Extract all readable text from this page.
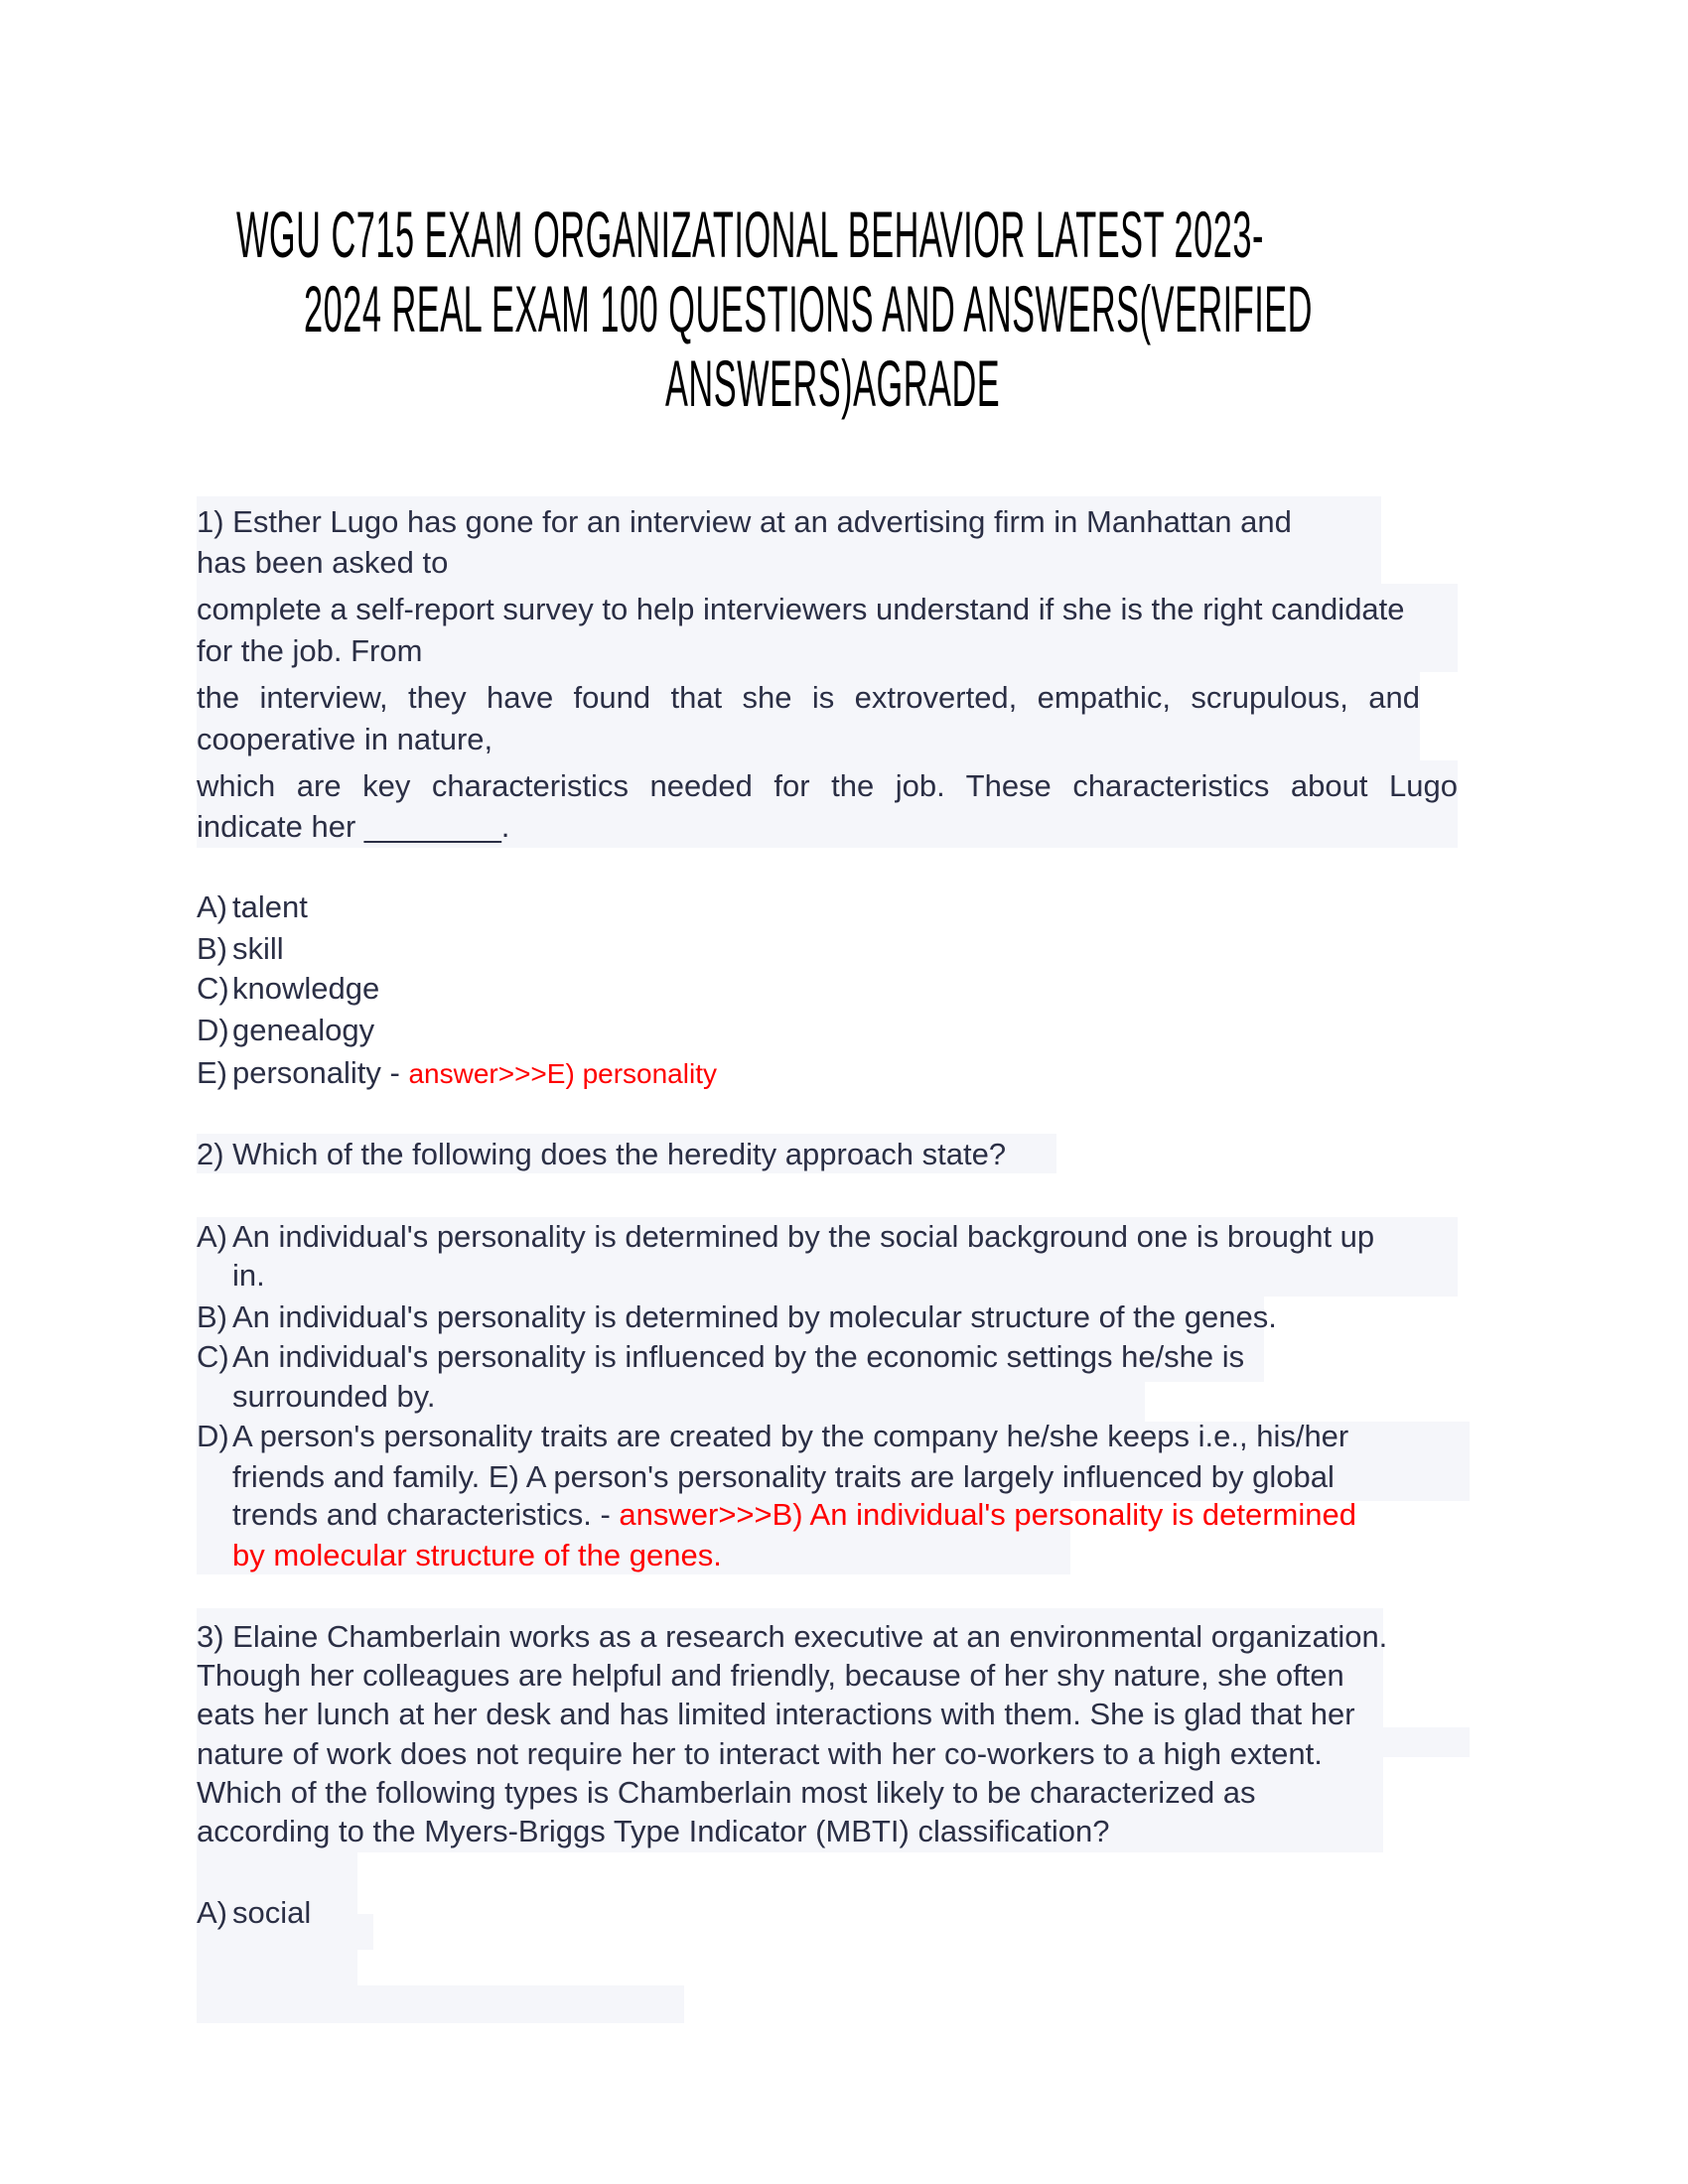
WGU C715 EXAM ORGANIZATIONAL BEHAVIOR LATEST 2023-
2024 REAL EXAM 100 QUESTIONS AND ANSWERS(VERIFIED
ANSWERS)AGRADE
1) Esther Lugo has gone for an interview at an advertising firm in Manhattan and
has been asked to
complete a self-report survey to help interviewers understand if she is the right candidate
for the job. From
the interview, they have found that she is extroverted, empathic, scrupulous, and
cooperative in nature,
which are key characteristics needed for the job. These characteristics about Lugo
indicate her ________.
A) talent
B) skill
C) knowledge
D) genealogy
E) personality - answer>>>E) personality
2) Which of the following does the heredity approach state?
A) An individual's personality is determined by the social background one is brought up
in.
B) An individual's personality is determined by molecular structure of the genes.
C) An individual's personality is influenced by the economic settings he/she is
surrounded by.
D) A person's personality traits are created by the company he/she keeps i.e., his/her
friends and family. E) A person's personality traits are largely influenced by global
trends and characteristics. - answer>>>B) An individual's personality is determined
by molecular structure of the genes.
3) Elaine Chamberlain works as a research executive at an environmental organization.
Though her colleagues are helpful and friendly, because of her shy nature, she often
eats her lunch at her desk and has limited interactions with them. She is glad that her
nature of work does not require her to interact with her co-workers to a high extent.
Which of the following types is Chamberlain most likely to be characterized as
according to the Myers-Briggs Type Indicator (MBTI) classification?
A) social
